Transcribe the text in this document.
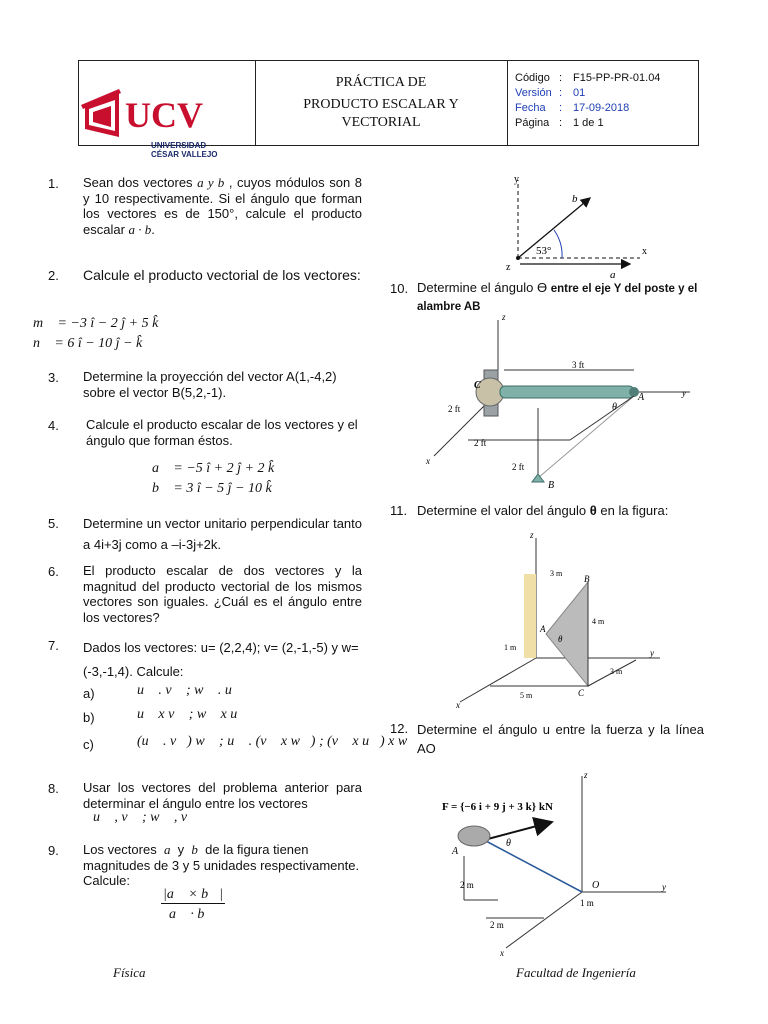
UCV
UNIVERSIDAD
CÉSAR VALLEJO
PRÁCTICA DE
PRODUCTO ESCALAR Y
VECTORIAL
Código : F15-PP-PR-01.04
Versión : 01
Fecha : 17-09-2018
Página : 1 de 1
1. Sean dos vectores a y b , cuyos módulos son 8 y 10 respectivamente. Si el ángulo que forman los vectores es de 150°, calcule el producto escalar a · b.
2. Calcule el producto vectorial de los vectores:
m⃗ = −3 î − 2 ĵ + 5 k̂
n⃗ = 6 î − 10 ĵ − k̂
3. Determine la proyección del vector A(1,-4,2) sobre el vector B(5,2,-1).
4. Calcule el producto escalar de los vectores y el ángulo que forman éstos.
a⃗ = −5 î + 2 ĵ + 2 k̂
b⃗ = 3 î − 5 ĵ − 10 k̂
5. Determine un vector unitario perpendicular tanto a 4i+3j como a –i-3j+2k.
6. El producto escalar de dos vectores y la magnitud del producto vectorial de los mismos vectores son iguales. ¿Cuál es el ángulo entre los vectores?
7. Dados los vectores: u= (2,2,4); v= (2,-1,-5) y w= (-3,-1,4). Calcule:
a)	u⃗ . v⃗ ; w⃗ . u⃗
b)	u⃗ x v⃗ ; w⃗ x u⃗
c)	(u⃗ . v⃗) w⃗ ; u⃗ . (v⃗ x w⃗) ; (v⃗ x u⃗) x w⃗
8. Usar los vectores del problema anterior para determinar el ángulo entre los vectores
u⃗ , v⃗ ; w⃗ , v⃗
9. Los vectores a y b de la figura tienen magnitudes de 3 y 5 unidades respectivamente. Calcule:
|a⃗ × b⃗|
a⃗ · b⃗
y
x
z
b⃗
a⃗
53°
10. Determine el ángulo ϴ entre el eje Y del poste y el alambre AB
z
y
x
C
A
B
θ
3 ft
2 ft
2 ft
2 ft
11. Determine el valor del ángulo θ en la figura:
z
y
x
A
B
C
θ
3 m
4 m
1 m
5 m
3 m
12. Determine el ángulo u entre la fuerza y la línea AO
F = {−6 i + 9 j + 3 k} kN
z
y
x
A
O
θ
2 m
2 m
1 m
Física	Facultad de Ingeniería
